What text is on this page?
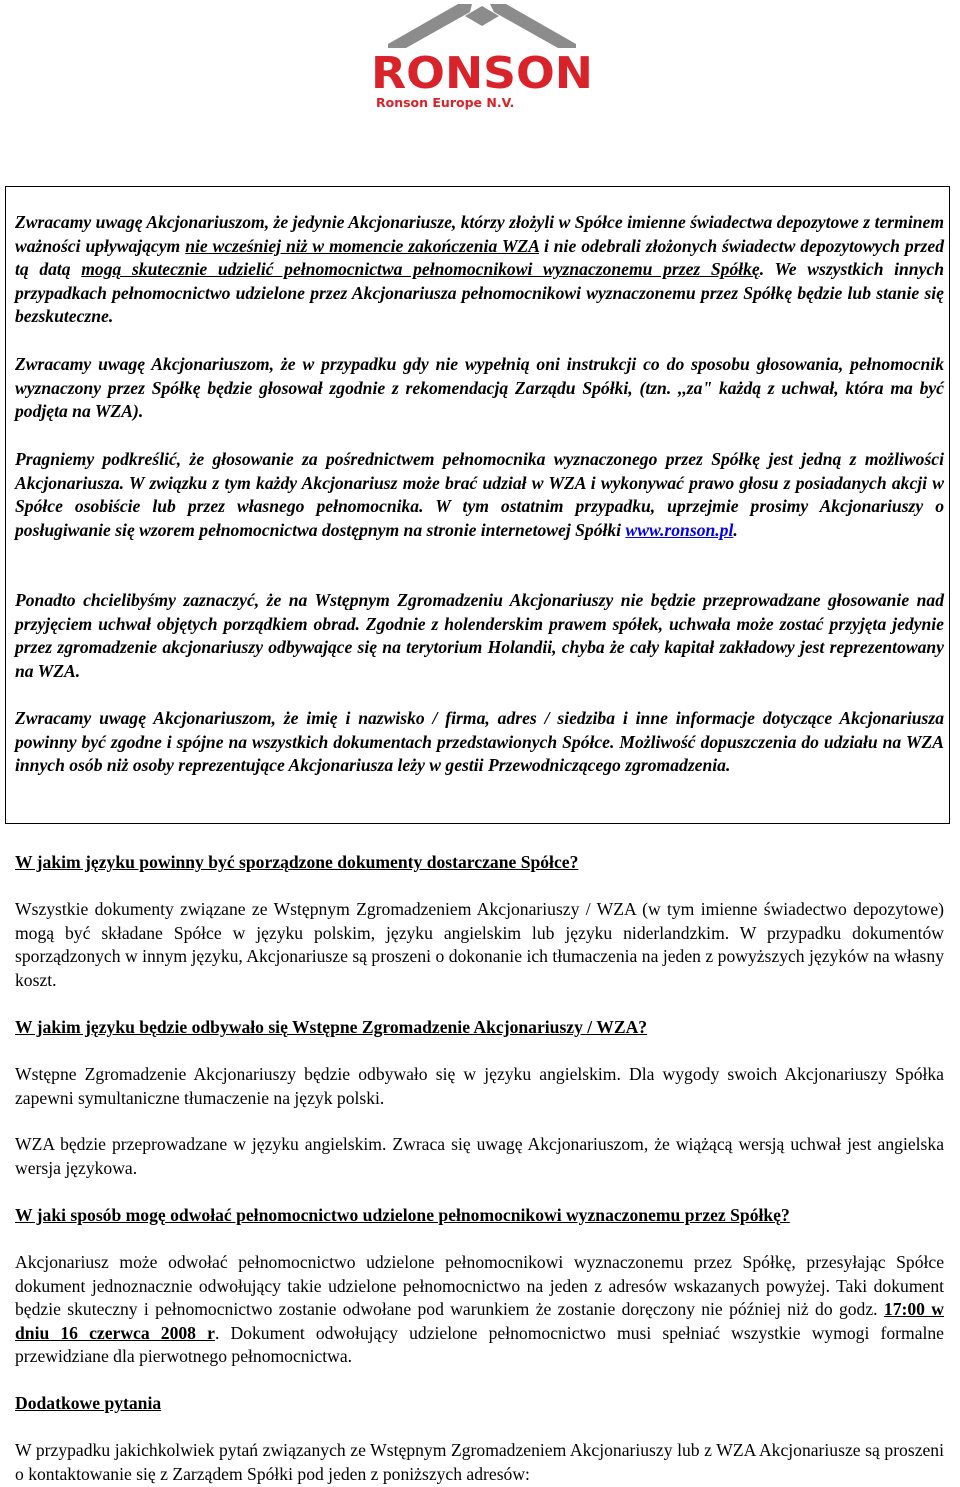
RONSON
Ronson Europe N.V.

Zwracamy uwagę Akcjonariuszom, że jedynie Akcjonariusze, którzy złożyli w Spółce imienne świadectwa depozytowe z terminem ważności upływającym nie wcześniej niż w momencie zakończenia WZA i nie odebrali złożonych świadectw depozytowych przed tą datą mogą skutecznie udzielić pełnomocnictwa pełnomocnikowi wyznaczonemu przez Spółkę. We wszystkich innych przypadkach pełnomocnictwo udzielone przez Akcjonariusza pełnomocnikowi wyznaczonemu przez Spółkę będzie lub stanie się bezskuteczne.

Zwracamy uwagę Akcjonariuszom, że w przypadku gdy nie wypełnią oni instrukcji co do sposobu głosowania, pełnomocnik wyznaczony przez Spółkę będzie głosował zgodnie z rekomendacją Zarządu Spółki, (tzn. ,,za" każdą z uchwał, która ma być podjęta na WZA).

Pragniemy podkreślić, że głosowanie za pośrednictwem pełnomocnika wyznaczonego przez Spółkę jest jedną z możliwości Akcjonariusza. W związku z tym każdy Akcjonariusz może brać udział w WZA i wykonywać prawo głosu z posiadanych akcji w Spółce osobiście lub przez własnego pełnomocnika. W tym ostatnim przypadku, uprzejmie prosimy Akcjonariuszy o posługiwanie się wzorem pełnomocnictwa dostępnym na stronie internetowej Spółki www.ronson.pl.

Ponadto chcielibyśmy zaznaczyć, że na Wstępnym Zgromadzeniu Akcjonariuszy nie będzie przeprowadzane głosowanie nad przyjęciem uchwał objętych porządkiem obrad. Zgodnie z holenderskim prawem spółek, uchwała może zostać przyjęta jedynie przez zgromadzenie akcjonariuszy odbywające się na terytorium Holandii, chyba że cały kapitał zakładowy jest reprezentowany na WZA.

Zwracamy uwagę Akcjonariuszom, że imię i nazwisko / firma, adres / siedziba i inne informacje dotyczące Akcjonariusza powinny być zgodne i spójne na wszystkich dokumentach przedstawionych Spółce. Możliwość dopuszczenia do udziału na WZA innych osób niż osoby reprezentujące Akcjonariusza leży w gestii Przewodniczącego zgromadzenia.

W jakim języku powinny być sporządzone dokumenty dostarczane Spółce?

Wszystkie dokumenty związane ze Wstępnym Zgromadzeniem Akcjonariuszy / WZA (w tym imienne świadectwo depozytowe) mogą być składane Spółce w języku polskim, języku angielskim lub języku niderlandzkim. W przypadku dokumentów sporządzonych w innym języku, Akcjonariusze są proszeni o dokonanie ich tłumaczenia na jeden z powyższych języków na własny koszt.

W jakim języku będzie odbywało się Wstępne Zgromadzenie Akcjonariuszy / WZA?

Wstępne Zgromadzenie Akcjonariuszy będzie odbywało się w języku angielskim. Dla wygody swoich Akcjonariuszy Spółka zapewni symultaniczne tłumaczenie na język polski.

WZA będzie przeprowadzane w języku angielskim. Zwraca się uwagę Akcjonariuszom, że wiążącą wersją uchwał jest angielska wersja językowa.

W jaki sposób mogę odwołać pełnomocnictwo udzielone pełnomocnikowi wyznaczonemu przez Spółkę?

Akcjonariusz może odwołać pełnomocnictwo udzielone pełnomocnikowi wyznaczonemu przez Spółkę, przesyłając Spółce dokument jednoznacznie odwołujący takie udzielone pełnomocnictwo na jeden z adresów wskazanych powyżej. Taki dokument będzie skuteczny i pełnomocnictwo zostanie odwołane pod warunkiem że zostanie doręczony nie później niż do godz. 17:00 w dniu 16 czerwca 2008 r. Dokument odwołujący udzielone pełnomocnictwo musi spełniać wszystkie wymogi formalne przewidziane dla pierwotnego pełnomocnictwa.

Dodatkowe pytania

W przypadku jakichkolwiek pytań związanych ze Wstępnym Zgromadzeniem Akcjonariuszy lub z WZA Akcjonariusze są proszeni o kontaktowanie się z Zarządem Spółki pod jeden z poniższych adresów:
